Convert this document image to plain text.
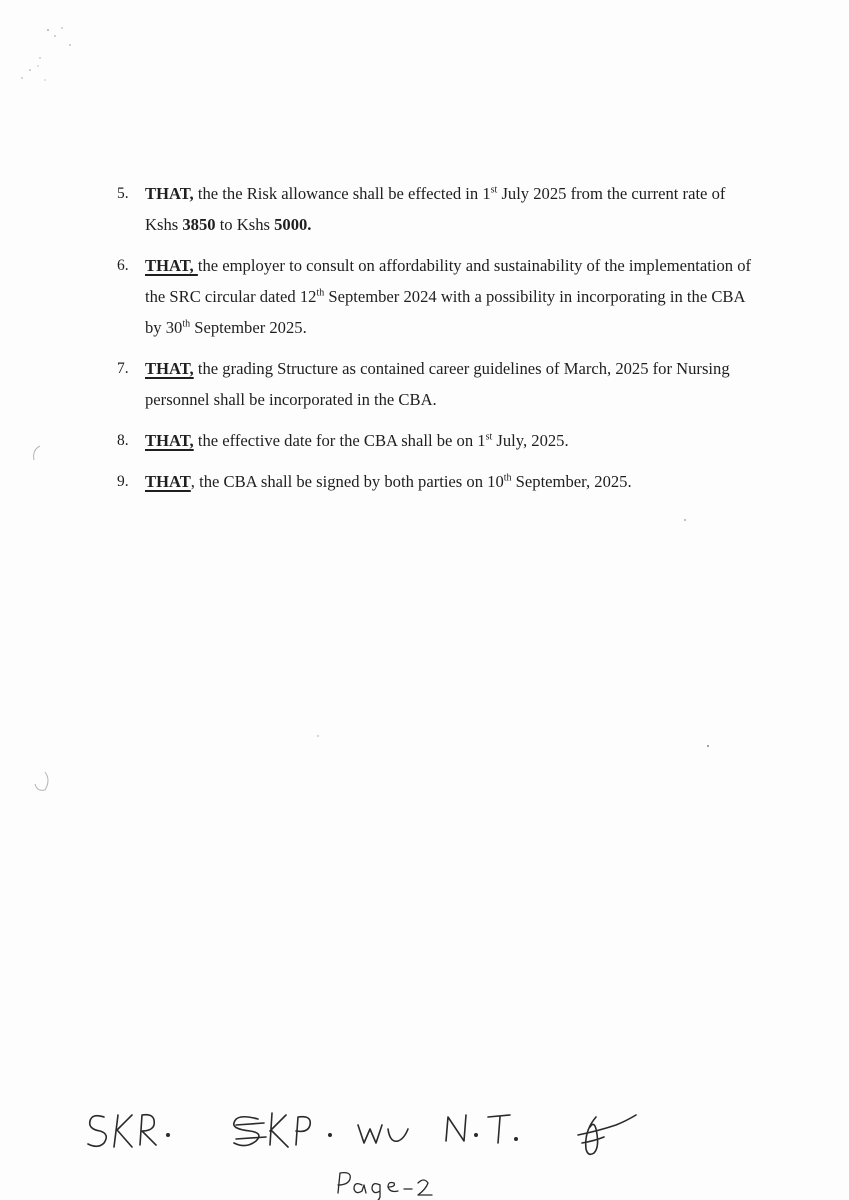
5. THAT, the the Risk allowance shall be effected in 1st July 2025 from the current rate of Kshs 3850 to Kshs 5000.
6. THAT, the employer to consult on affordability and sustainability of the implementation of the SRC circular dated 12th September 2024 with a possibility in incorporating in the CBA by 30th September 2025.
7. THAT, the grading Structure as contained career guidelines of March, 2025 for Nursing personnel shall be incorporated in the CBA.
8. THAT, the effective date for the CBA shall be on 1st July, 2025.
9. THAT, the CBA shall be signed by both parties on 10th September, 2025.
